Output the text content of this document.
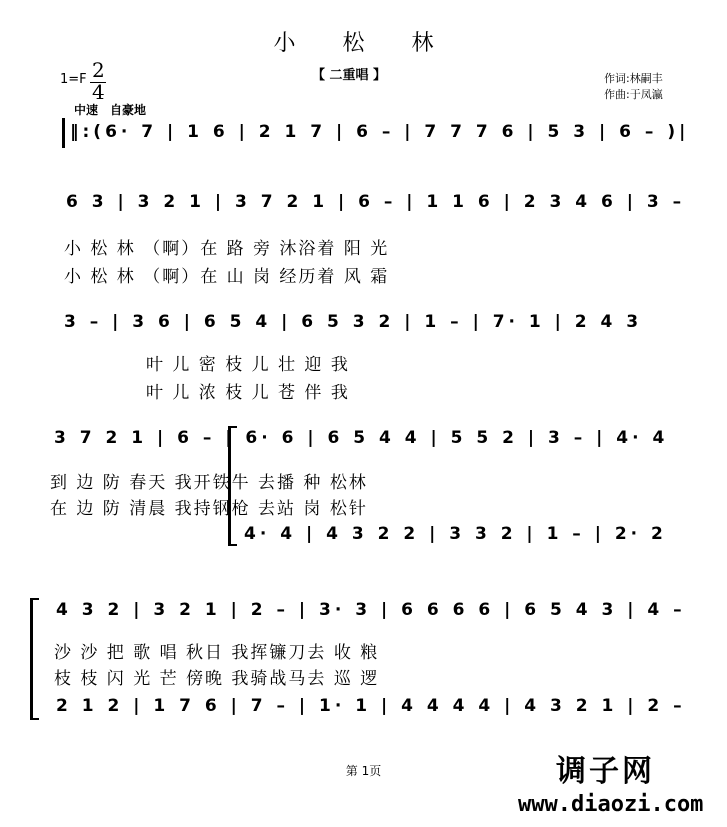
小 松 林
【 二重唱 】	作词:林嗣丰
作曲:于凤瀛
1=F 2
4
中速　自豪地
‖:(6· 7 | 1 6 | 2 1 7 | 6 – | 7 7 7 6 | 5 3 | 6 – )|
6 3 | 3 2 1 | 3 7 2 1 | 6 – | 1 1 6 | 2 3 4 6 | 3 –
小 松 林 （啊）在 路 旁 沐浴着 阳 光
小 松 林 （啊）在 山 岗 经历着 风 霜
3 – | 3 6 | 6 5 4 | 6 5 3 2 | 1 – | 7· 1 | 2 4 3
叶 儿 密 枝 儿 壮 迎 我
叶 儿 浓 枝 儿 苍 伴 我
3 7 2 1 | 6 – | 6· 6 | 6 5 4 4 | 5 5 2 | 3 – | 4· 4
到 边 防 春天 我开铁牛 去播 种 松林
在 边 防 清晨 我持钢枪 去站 岗 松针
4· 4 | 4 3 2 2 | 3 3 2 | 1 – | 2· 2
4 3 2 | 3 2 1 | 2 – | 3· 3 | 6 6 6 6 | 6 5 4 3 | 4 –
沙 沙 把 歌 唱 秋日 我挥镰刀去 收 粮
枝 枝 闪 光 芒 傍晚 我骑战马去 巡 逻
2 1 2 | 1 7 6 | 7 – | 1· 1 | 4 4 4 4 | 4 3 2 1 | 2 –
第 1页	调子网
www.diaozi.com
